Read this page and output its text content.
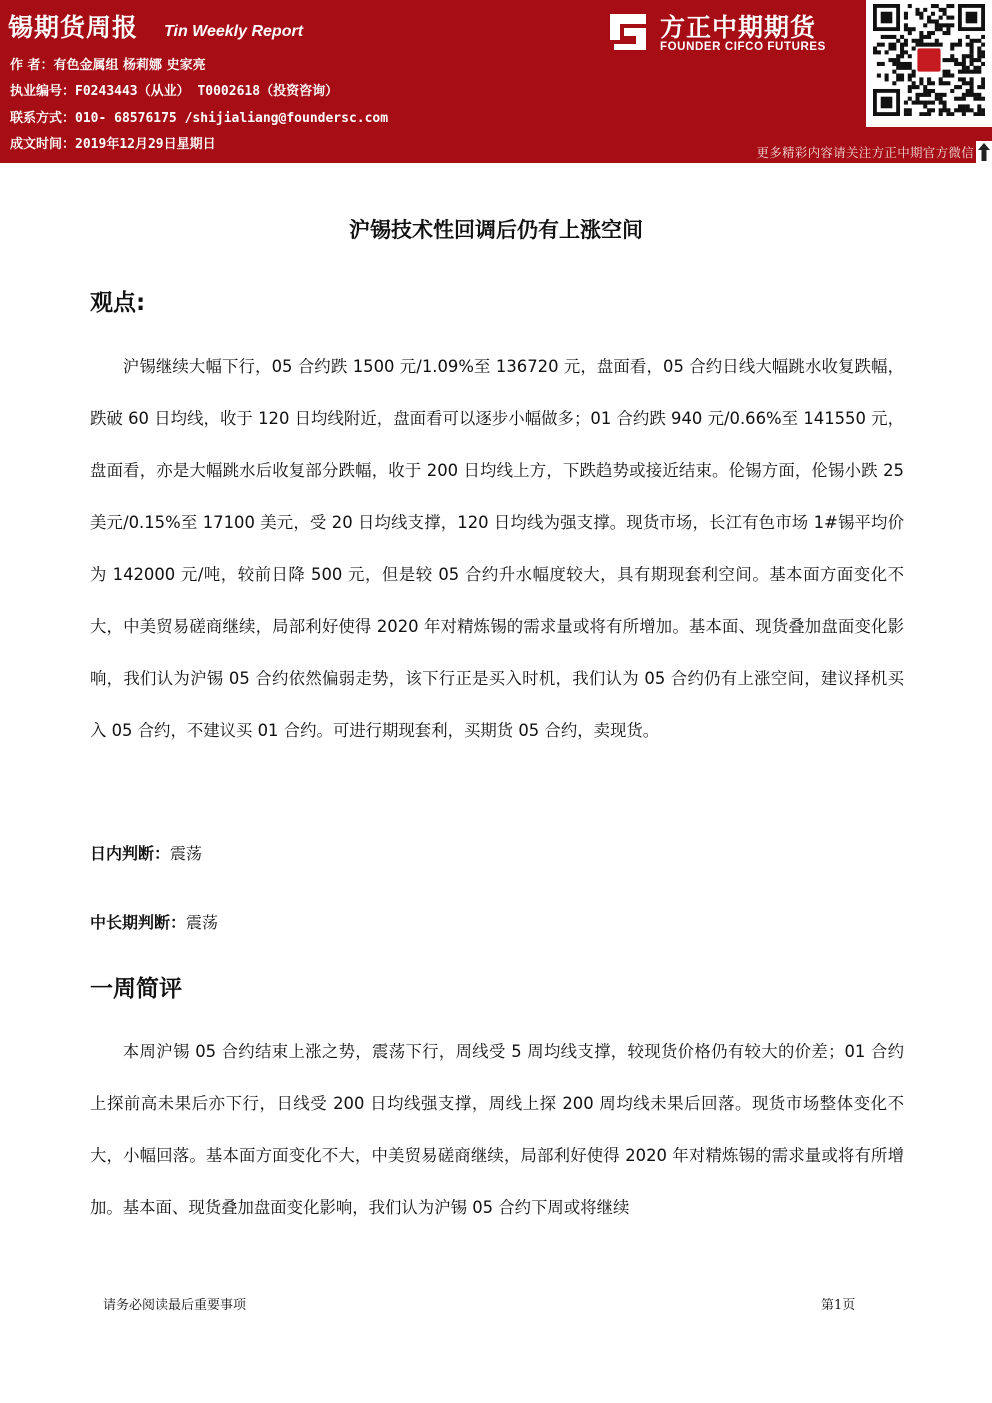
锡期货周报 Tin Weekly Report
作 者：有色金属组 杨莉娜 史家亮
执业编号：F0243443（从业） T0002618（投资咨询）
联系方式：010- 68576175 /shijialiang@foundersc.com
成文时间：2019年12月29日星期日
方正中期期货
FOUNDER CIFCO FUTURES
更多精彩内容请关注方正中期官方微信
沪锡技术性回调后仍有上涨空间
观点:

沪锡继续大幅下行，05 合约跌 1500 元/1.09%至 136720 元，盘面看，05 合约日线大幅跳水收复跌幅，跌破 60 日均线，收于 120 日均线附近，盘面看可以逐步小幅做多；01 合约跌 940 元/0.66%至 141550 元，盘面看，亦是大幅跳水后收复部分跌幅，收于 200 日均线上方，下跌趋势或接近结束。伦锡方面，伦锡小跌 25 美元/0.15%至 17100 美元，受 20 日均线支撑，120 日均线为强支撑。现货市场，长江有色市场 1#锡平均价为 142000 元/吨，较前日降 500 元，但是较 05 合约升水幅度较大，具有期现套利空间。基本面方面变化不大，中美贸易磋商继续，局部利好使得 2020 年对精炼锡的需求量或将有所增加。基本面、现货叠加盘面变化影响，我们认为沪锡 05 合约依然偏弱走势，该下行正是买入时机，我们认为 05 合约仍有上涨空间，建议择机买入 05 合约，不建议买 01 合约。可进行期现套利，买期货 05 合约，卖现货。

日内判断：震荡
中长期判断：震荡
一周简评

本周沪锡 05 合约结束上涨之势，震荡下行，周线受 5 周均线支撑，较现货价格仍有较大的价差；01 合约上探前高未果后亦下行，日线受 200 日均线强支撑，周线上探 200 周均线未果后回落。现货市场整体变化不大，小幅回落。基本面方面变化不大，中美贸易磋商继续，局部利好使得 2020 年对精炼锡的需求量或将有所增加。基本面、现货叠加盘面变化影响，我们认为沪锡 05 合约下周或将继续

请务必阅读最后重要事项	第1页
